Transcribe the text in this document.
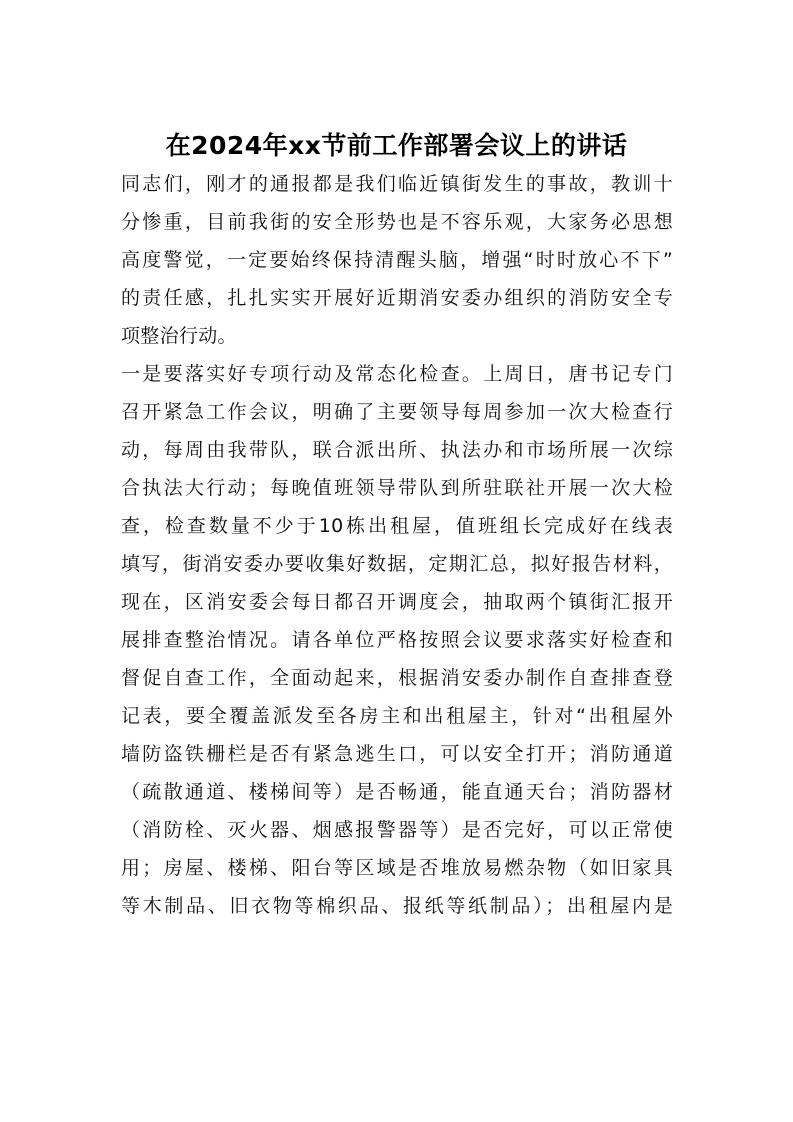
在2024年xx节前工作部署会议上的讲话
同志们，刚才的通报都是我们临近镇街发生的事故，教训十
分惨重，目前我街的安全形势也是不容乐观，大家务必思想
高度警觉，一定要始终保持清醒头脑，增强“时时放心不下”
的责任感，扎扎实实开展好近期消安委办组织的消防安全专
项整治行动。
一是要落实好专项行动及常态化检查。上周日，唐书记专门
召开紧急工作会议，明确了主要领导每周参加一次大检查行
动，每周由我带队，联合派出所、执法办和市场所展一次综
合执法大行动；每晚值班领导带队到所驻联社开展一次大检
查，检查数量不少于10栋出租屋，值班组长完成好在线表
填写，街消安委办要收集好数据，定期汇总，拟好报告材料，
现在，区消安委会每日都召开调度会，抽取两个镇街汇报开
展排查整治情况。请各单位严格按照会议要求落实好检查和
督促自查工作，全面动起来，根据消安委办制作自查排查登
记表，要全覆盖派发至各房主和出租屋主，针对“出租屋外
墙防盗铁栅栏是否有紧急逃生口，可以安全打开；消防通道
（疏散通道、楼梯间等）是否畅通，能直通天台；消防器材
（消防栓、灭火器、烟感报警器等）是否完好，可以正常使
用；房屋、楼梯、阳台等区域是否堆放易燃杂物（如旧家具
等木制品、旧衣物等棉织品、报纸等纸制品）；出租屋内是
